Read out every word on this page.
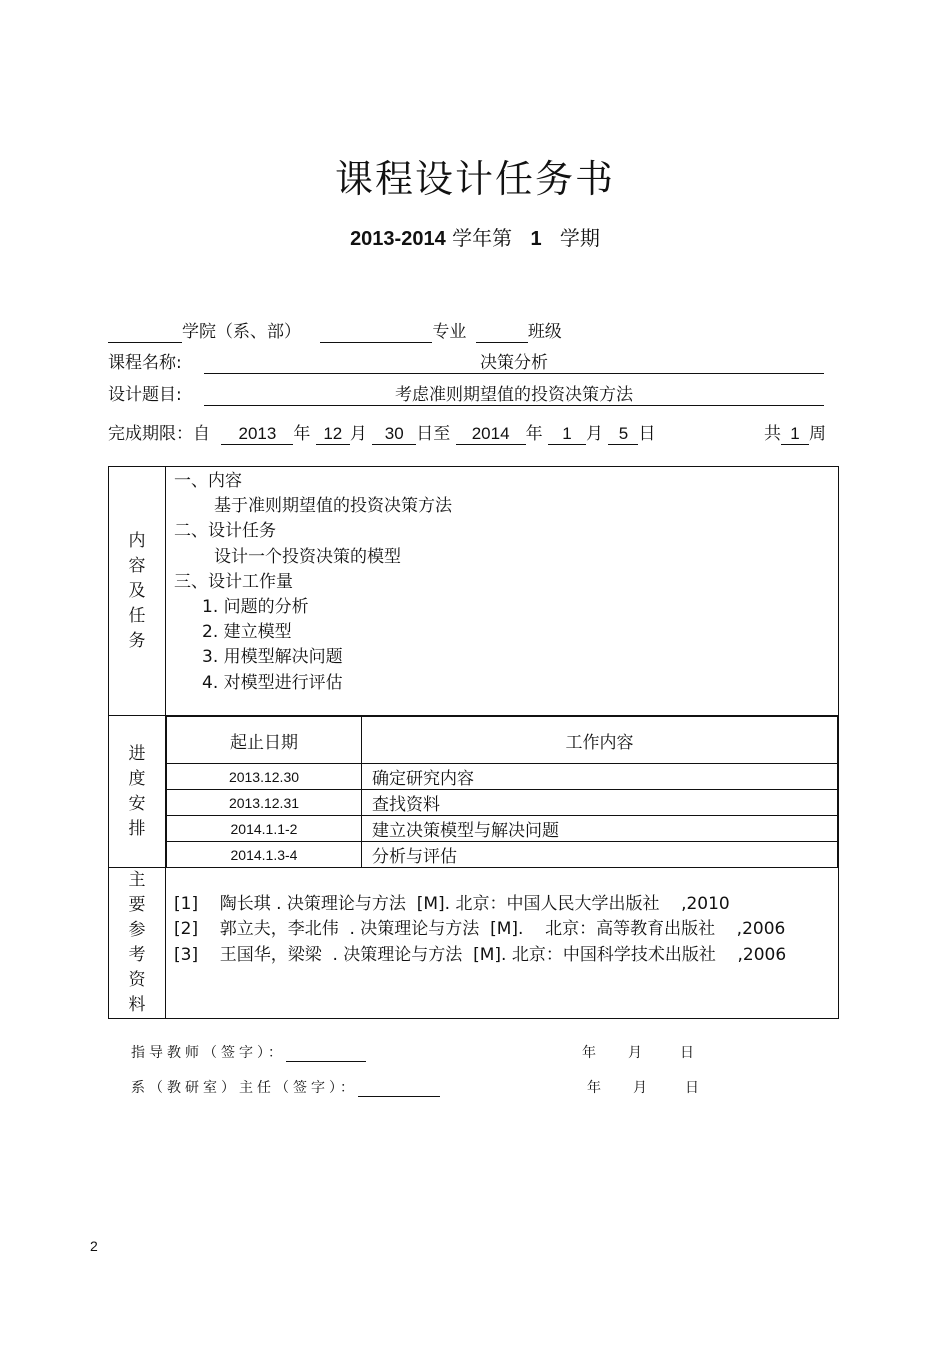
课程设计任务书
2013-2014 学年第 1 学期
学院（系、部）	专业	班级
课程名称:	决策分析
设计题目:	考虑准则期望值的投资决策方法
完成期限：自 2013 年 12 月 30 日至 2014 年 1 月 5 日	共 1 周
内
容
及
任
务

一、内容
基于准则期望值的投资决策方法
二、设计任务
设计一个投资决策的模型
三、设计工作量
1. 问题的分析
2. 建立模型
3. 用模型解决问题
4. 对模型进行评估

进
度
安
排

起止日期	工作内容
2013.12.30	确定研究内容
2013.12.31	查找资料
2014.1.1-2	建立决策模型与解决问题
2014.1.3-4	分析与评估

主
要
参
考
资
料

[1]    陶长琪 . 决策理论与方法  [M]. 北京：中国人民大学出版社    ,2010
[2]    郭立夫，李北伟  . 决策理论与方法  [M].    北京：高等教育出版社    ,2006
[3]    王国华，梁梁  . 决策理论与方法  [M]. 北京：中国科学技术出版社    ,2006
指导教师（签字）：	年 月 日
系（教研室）主任（签字）：	年 月 日
2
